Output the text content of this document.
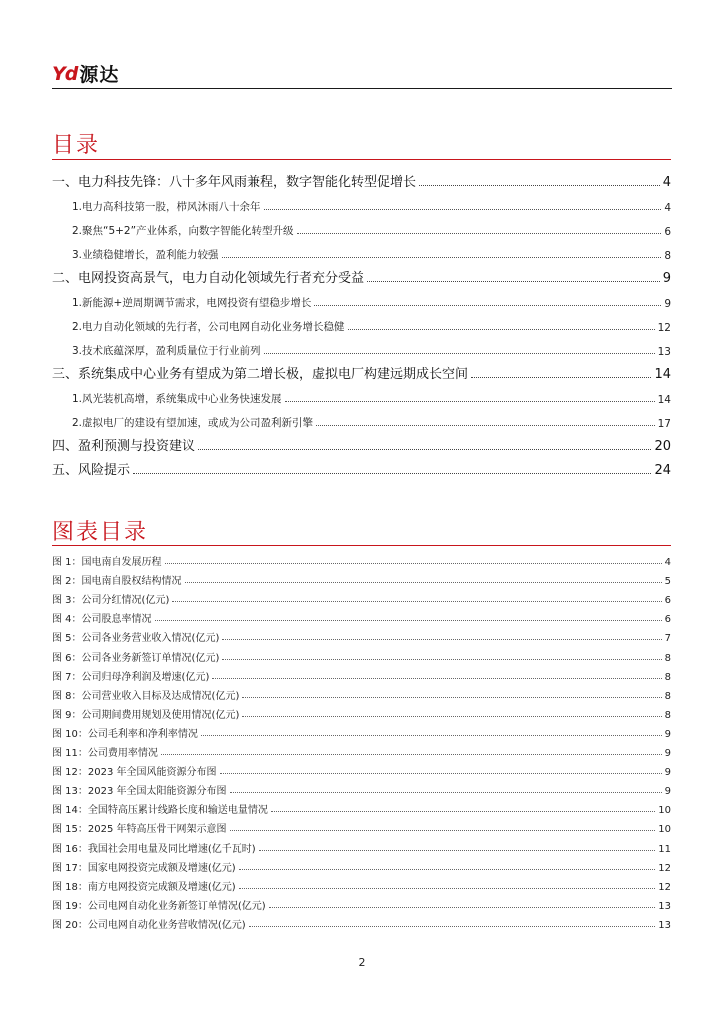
Yd 源达
目录
一、电力科技先锋：八十多年风雨兼程，数字智能化转型促增长	4
1.电力高科技第一股，栉风沐雨八十余年	4
2.聚焦“5+2”产业体系，向数字智能化转型升级	6
3.业绩稳健增长，盈利能力较强	8
二、电网投资高景气，电力自动化领域先行者充分受益	9
1.新能源+逆周期调节需求，电网投资有望稳步增长	9
2.电力自动化领域的先行者，公司电网自动化业务增长稳健	12
3.技术底蕴深厚，盈利质量位于行业前列	13
三、系统集成中心业务有望成为第二增长极，虚拟电厂构建远期成长空间	14
1.风光装机高增，系统集成中心业务快速发展	14
2.虚拟电厂的建设有望加速，或成为公司盈利新引擎	17
四、盈利预测与投资建议	20
五、风险提示	24
图表目录
图 1：国电南自发展历程	4
图 2：国电南自股权结构情况	5
图 3：公司分红情况(亿元)	6
图 4：公司股息率情况	6
图 5：公司各业务营业收入情况(亿元)	7
图 6：公司各业务新签订单情况(亿元)	8
图 7：公司归母净利润及增速(亿元)	8
图 8：公司营业收入目标及达成情况(亿元)	8
图 9：公司期间费用规划及使用情况(亿元)	8
图 10：公司毛利率和净利率情况	9
图 11：公司费用率情况	9
图 12：2023 年全国风能资源分布图	9
图 13：2023 年全国太阳能资源分布图	9
图 14：全国特高压累计线路长度和输送电量情况	10
图 15：2025 年特高压骨干网架示意图	10
图 16：我国社会用电量及同比增速(亿千瓦时)	11
图 17：国家电网投资完成额及增速(亿元)	12
图 18：南方电网投资完成额及增速(亿元)	12
图 19：公司电网自动化业务新签订单情况(亿元)	13
图 20：公司电网自动化业务营收情况(亿元)	13
2
